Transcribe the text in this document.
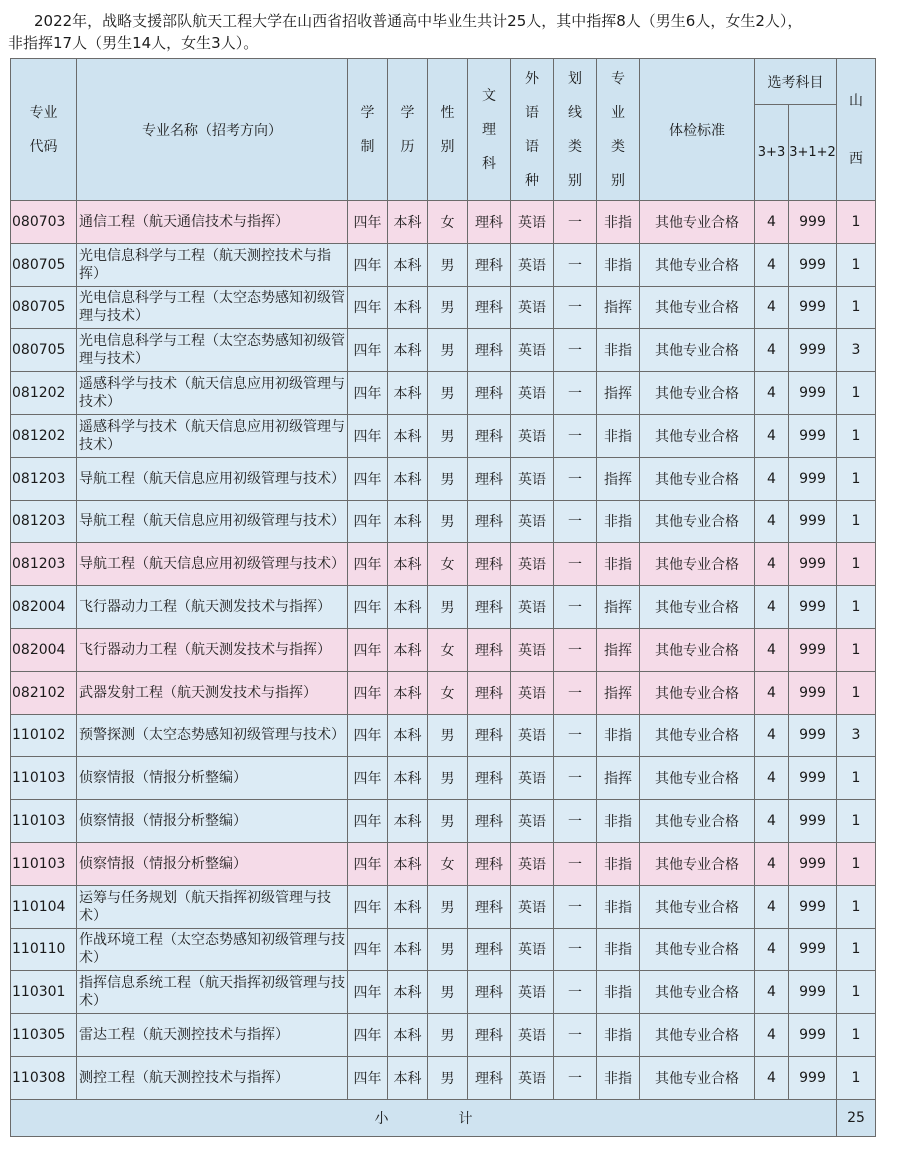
2022年，战略支援部队航天工程大学在山西省招收普通高中毕业生共计25人，其中指挥8人（男生6人，女生2人），

非指挥17人（男生14人，女生3人）。

专业代码	专业名称（招考方向）	学制	学历	性别	文理科	外语语种	划线类别	专业类别	体检标准	选考科目		山西
										3+3	3+1+2	
080703	通信工程（航天通信技术与指挥）	四年	本科	女	理科	英语	一	非指	其他专业合格	4	999	1
080705	光电信息科学与工程（航天测控技术与指挥）	四年	本科	男	理科	英语	一	非指	其他专业合格	4	999	1
080705	光电信息科学与工程（太空态势感知初级管理与技术）	四年	本科	男	理科	英语	一	指挥	其他专业合格	4	999	1
080705	光电信息科学与工程（太空态势感知初级管理与技术）	四年	本科	男	理科	英语	一	非指	其他专业合格	4	999	3
081202	遥感科学与技术（航天信息应用初级管理与技术）	四年	本科	男	理科	英语	一	指挥	其他专业合格	4	999	1
081202	遥感科学与技术（航天信息应用初级管理与技术）	四年	本科	男	理科	英语	一	非指	其他专业合格	4	999	1
081203	导航工程（航天信息应用初级管理与技术）	四年	本科	男	理科	英语	一	指挥	其他专业合格	4	999	1
081203	导航工程（航天信息应用初级管理与技术）	四年	本科	男	理科	英语	一	非指	其他专业合格	4	999	1
081203	导航工程（航天信息应用初级管理与技术）	四年	本科	女	理科	英语	一	非指	其他专业合格	4	999	1
082004	飞行器动力工程（航天测发技术与指挥）	四年	本科	男	理科	英语	一	指挥	其他专业合格	4	999	1
082004	飞行器动力工程（航天测发技术与指挥）	四年	本科	女	理科	英语	一	指挥	其他专业合格	4	999	1
082102	武器发射工程（航天测发技术与指挥）	四年	本科	女	理科	英语	一	指挥	其他专业合格	4	999	1
110102	预警探测（太空态势感知初级管理与技术）	四年	本科	男	理科	英语	一	非指	其他专业合格	4	999	3
110103	侦察情报（情报分析整编）	四年	本科	男	理科	英语	一	指挥	其他专业合格	4	999	1
110103	侦察情报（情报分析整编）	四年	本科	男	理科	英语	一	非指	其他专业合格	4	999	1
110103	侦察情报（情报分析整编）	四年	本科	女	理科	英语	一	非指	其他专业合格	4	999	1
110104	运筹与任务规划（航天指挥初级管理与技术）	四年	本科	男	理科	英语	一	非指	其他专业合格	4	999	1
110110	作战环境工程（太空态势感知初级管理与技术）	四年	本科	男	理科	英语	一	非指	其他专业合格	4	999	1
110301	指挥信息系统工程（航天指挥初级管理与技术）	四年	本科	男	理科	英语	一	非指	其他专业合格	4	999	1
110305	雷达工程（航天测控技术与指挥）	四年	本科	男	理科	英语	一	非指	其他专业合格	4	999	1
110308	测控工程（航天测控技术与指挥）	四年	本科	男	理科	英语	一	非指	其他专业合格	4	999	1
小 计												25
